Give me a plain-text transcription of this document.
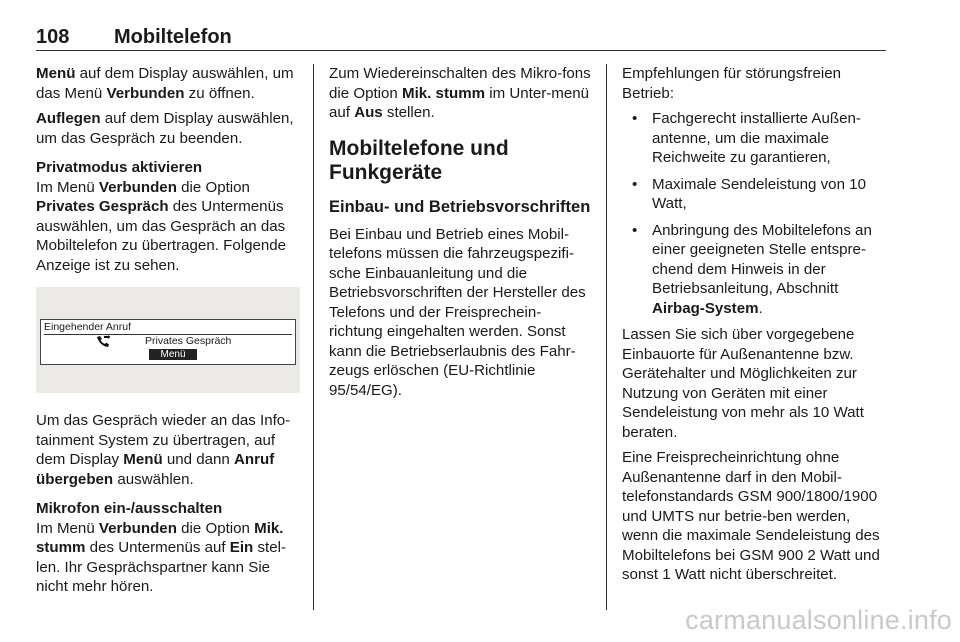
108 Mobiltelefon

Menü auf dem Display auswählen, um das Menü Verbunden zu öffnen.

Auflegen auf dem Display auswählen, um das Gespräch zu beenden.

Privatmodus aktivieren

Im Menü Verbunden die Option Privates Gespräch des Untermenüs auswählen, um das Gespräch an das Mobiltelefon zu übertragen. Folgende Anzeige ist zu sehen.

Eingehender Anruf
Privates Gespräch
Menü

Um das Gespräch wieder an das Info-tainment System zu übertragen, auf dem Display Menü und dann Anruf übergeben auswählen.

Mikrofon ein-/ausschalten

Im Menü Verbunden die Option Mik. stumm des Untermenüs auf Ein stel-len. Ihr Gesprächspartner kann Sie nicht mehr hören.

Zum Wiedereinschalten des Mikro-fons die Option Mik. stumm im Unter-menü auf Aus stellen.

Mobiltelefone und Funkgeräte
Einbau- und Betriebsvorschriften

Bei Einbau und Betrieb eines Mobil-telefons müssen die fahrzeugspezifi-sche Einbauanleitung und die Betriebsvorschriften der Hersteller des Telefons und der Freisprechein-richtung eingehalten werden. Sonst kann die Betriebserlaubnis des Fahr-zeugs erlöschen (EU-Richtlinie 95/54/EG).

Empfehlungen für störungsfreien Betrieb:

• Fachgerecht installierte Außen-antenne, um die maximale Reichweite zu garantieren,
• Maximale Sendeleistung von 10 Watt,
• Anbringung des Mobiltelefons an einer geeigneten Stelle entspre-chend dem Hinweis in der Betriebsanleitung, Abschnitt Airbag-System.

Lassen Sie sich über vorgegebene Einbauorte für Außenantenne bzw. Gerätehalter und Möglichkeiten zur Nutzung von Geräten mit einer Sendeleistung von mehr als 10 Watt beraten.

Eine Freisprecheinrichtung ohne Außenantenne darf in den Mobil-telefonstandards GSM 900/1800/1900 und UMTS nur betrie-ben werden, wenn die maximale Sendeleistung des Mobiltelefons bei GSM 900 2 Watt und sonst 1 Watt nicht überschreitet.

carmanualsonline.info
